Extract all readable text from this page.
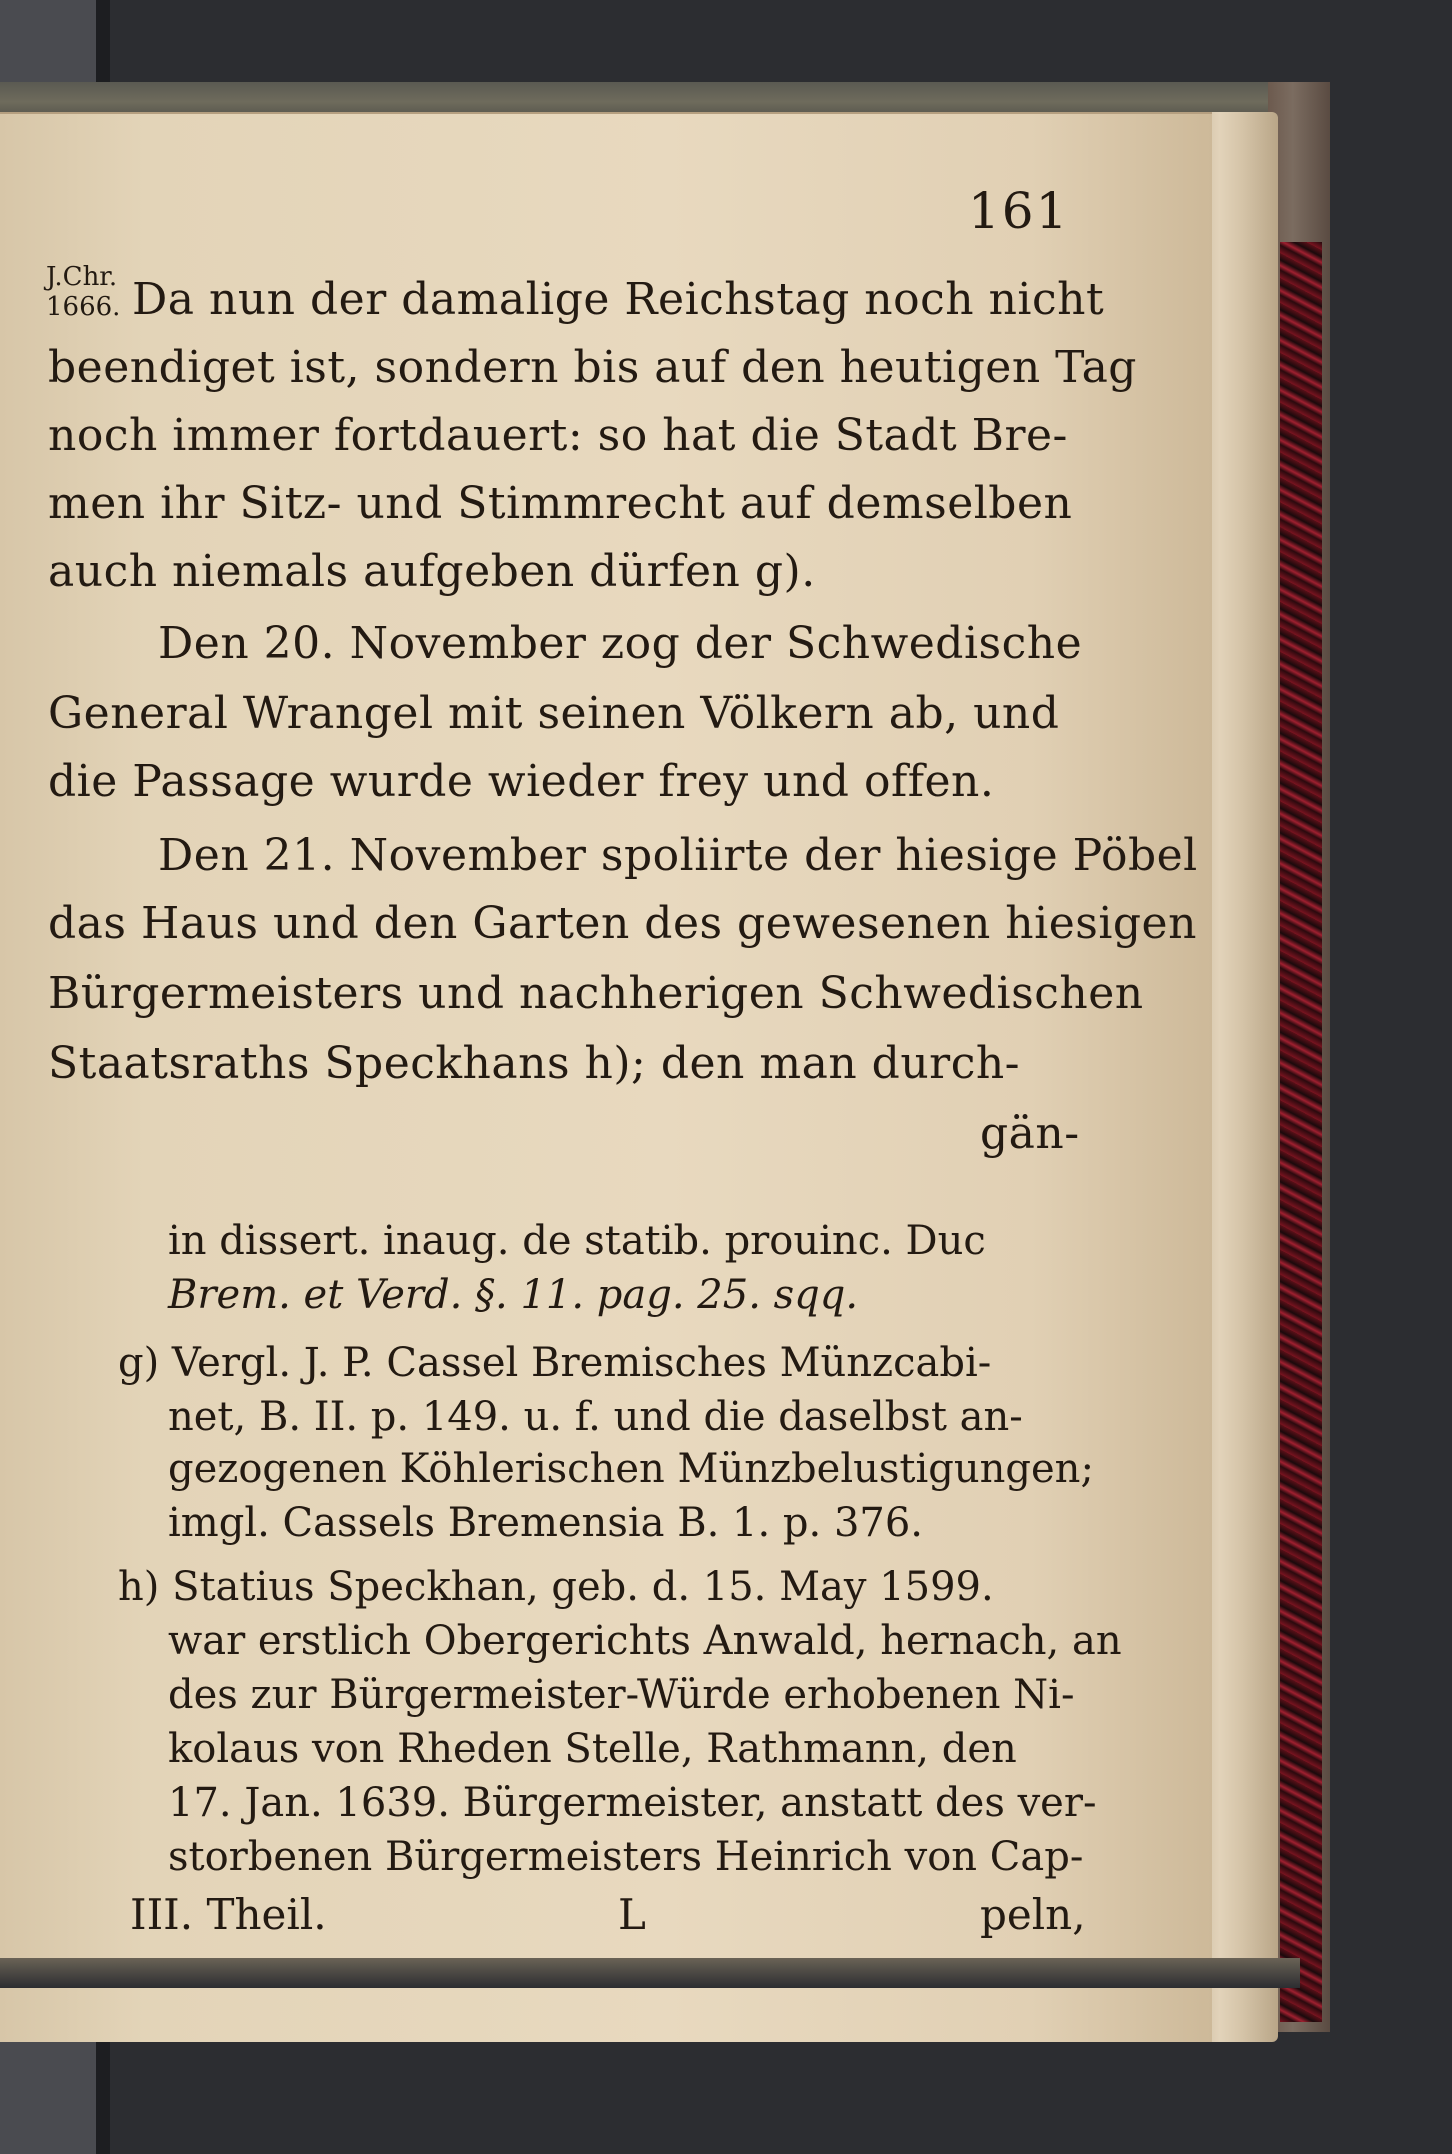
161
J.Chr.
1666. Da nun der damalige Reichstag noch nicht
beendiget ist, sondern bis auf den heutigen Tag
noch immer fortdauert: so hat die Stadt Bre-
men ihr Sitz- und Stimmrecht auf demselben
auch niemals aufgeben dürfen g).
Den 20. November zog der Schwedische
General Wrangel mit seinen Völkern ab, und
die Passage wurde wieder frey und offen.
Den 21. November spoliirte der hiesige Pöbel
das Haus und den Garten des gewesenen hiesigen
Bürgermeisters und nachherigen Schwedischen
Staatsraths Speckhans h); den man durch-
gän-
in dissert. inaug. de statib. prouinc. Duc
Brem. et Verd. §. 11. pag. 25. sqq.
g) Vergl. J. P. Cassel Bremisches Münzcabi-
net, B. II. p. 149. u. f. und die daselbst an-
gezogenen Köhlerischen Münzbelustigungen;
imgl. Cassels Bremensia B. 1. p. 376.
h) Statius Speckhan, geb. d. 15. May 1599.
war erstlich Obergerichts Anwald, hernach, an
des zur Bürgermeister-Würde erhobenen Ni-
kolaus von Rheden Stelle, Rathmann, den
17. Jan. 1639. Bürgermeister, anstatt des ver-
storbenen Bürgermeisters Heinrich von Cap-
III. Theil.	L	peln,
